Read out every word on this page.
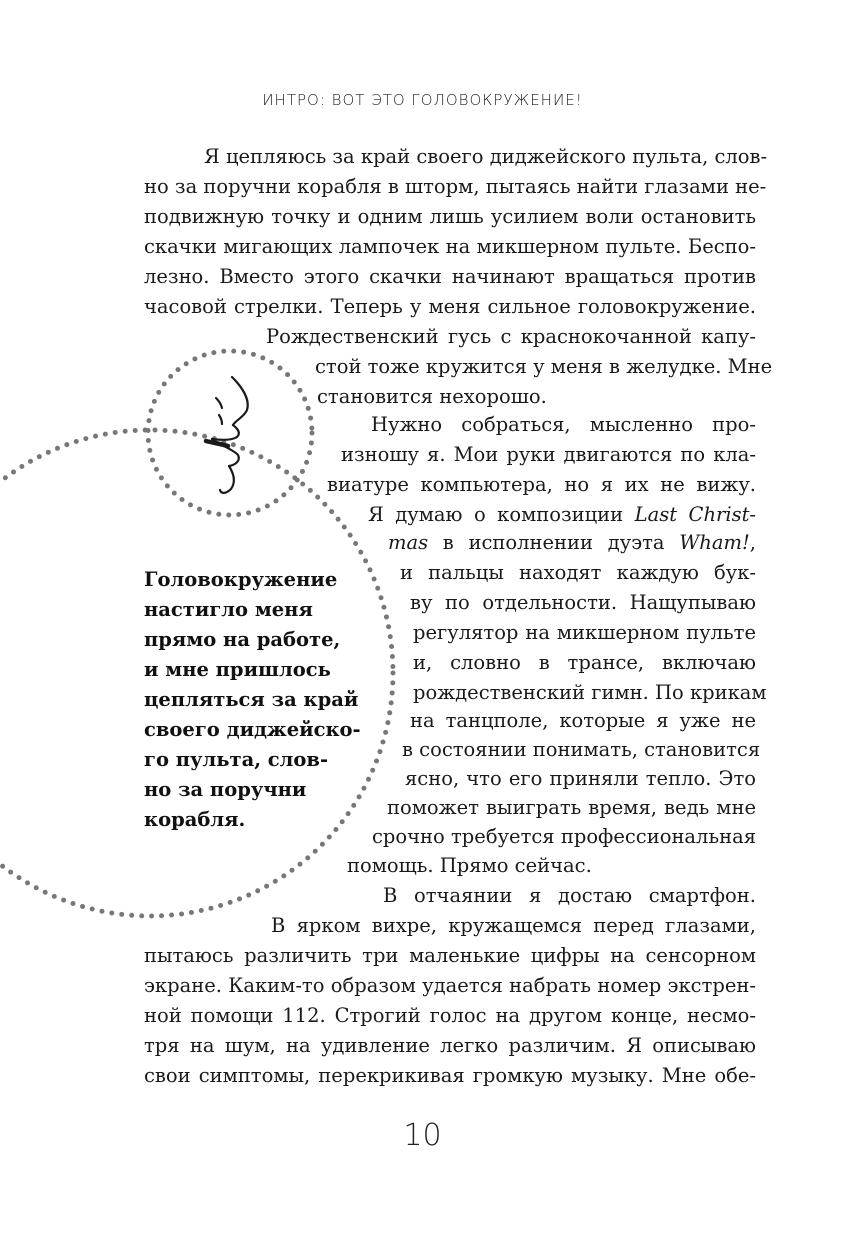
ИНТРО: ВОТ ЭТО ГОЛОВОКРУЖЕНИЕ!
Я цепляюсь за край своего диджейского пульта, слов-
но за поручни корабля в шторм, пытаясь найти глазами не-
подвижную точку и одним лишь усилием воли остановить
скачки мигающих лампочек на микшерном пульте. Беспо-
лезно. Вместо этого скачки начинают вращаться против
часовой стрелки. Теперь у меня сильное головокружение.
Рождественский гусь с краснокочанной капу-
стой тоже кружится у меня в желудке. Мне
становится нехорошо.
Нужно собраться, мысленно про-
изношу я. Мои руки двигаются по кла-
виатуре компьютера, но я их не вижу.
Я думаю о композиции Last Christ-
mas в исполнении дуэта Wham!,
и пальцы находят каждую бук-
ву по отдельности. Нащупываю
регулятор на микшерном пульте
и, словно в трансе, включаю
рождественский гимн. По крикам
на танцполе, которые я уже не
в состоянии понимать, становится
ясно, что его приняли тепло. Это
поможет выиграть время, ведь мне
срочно требуется профессиональная
помощь. Прямо сейчас.
В отчаянии я достаю смартфон.
В ярком вихре, кружащемся перед глазами,
пытаюсь различить три маленькие цифры на сенсорном
экране. Каким-то образом удается набрать номер экстрен-
ной помощи 112. Строгий голос на другом конце, несмо-
тря на шум, на удивление легко различим. Я описываю
свои симптомы, перекрикивая громкую музыку. Мне обе-
Головокружение
настигло меня
прямо на работе,
и мне пришлось
цепляться за край
своего диджейско-
го пульта, слов-
но за поручни
корабля.
10
